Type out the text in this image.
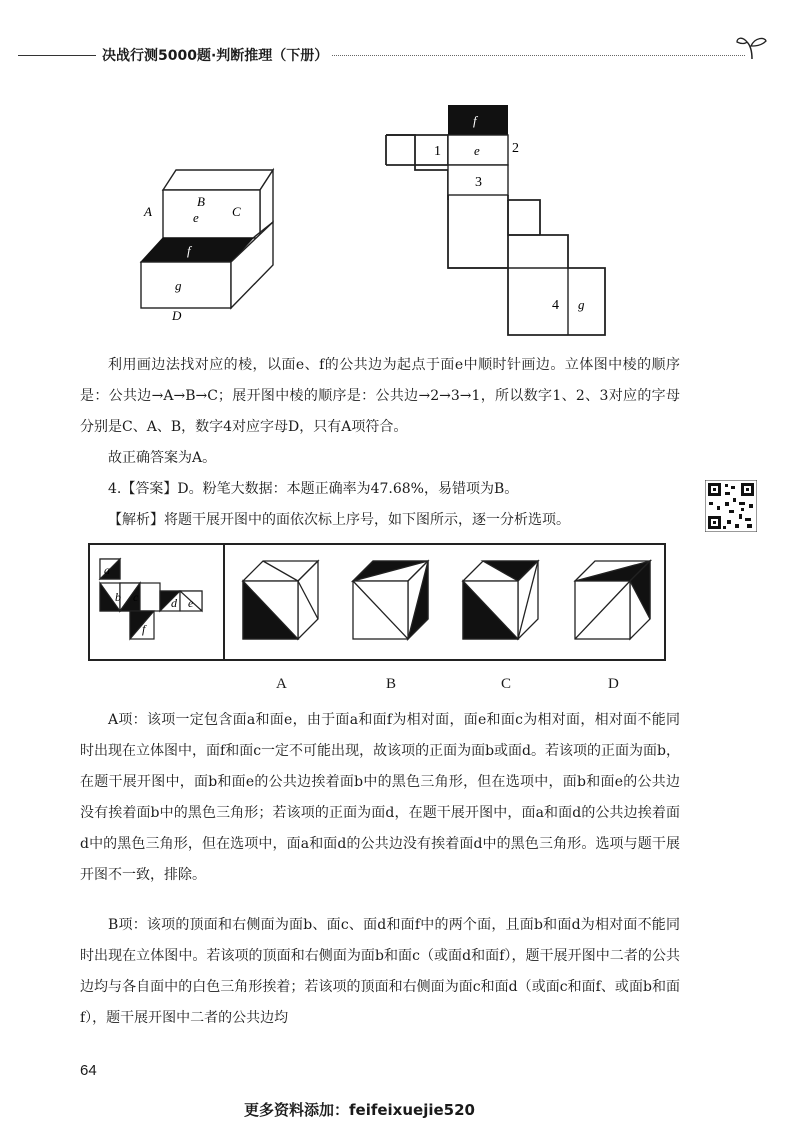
决战行测5000题·判断推理（下册）
B
e
A	C
f
g
D
f
e
1	2
3
4 g
利用画边法找对应的棱，以面e、f的公共边为起点于面e中顺时针画边。立体图中棱的顺序是：公共边→A→B→C；展开图中棱的顺序是：公共边→2→3→1，所以数字1、2、3对应的字母分别是C、A、B，数字4对应字母D，只有A项符合。
故正确答案为A。
4.【答案】D。粉笔大数据：本题正确率为47.68%，易错项为B。
【解析】将题干展开图中的面依次标上序号，如下图所示，逐一分析选项。
a
b c	d e
f
A	B	C	D
A项：该项一定包含面a和面e，由于面a和面f为相对面，面e和面c为相对面，相对面不能同时出现在立体图中，面f和面c一定不可能出现，故该项的正面为面b或面d。若该项的正面为面b，在题干展开图中，面b和面e的公共边挨着面b中的黑色三角形，但在选项中，面b和面e的公共边没有挨着面b中的黑色三角形；若该项的正面为面d，在题干展开图中，面a和面d的公共边挨着面d中的黑色三角形，但在选项中，面a和面d的公共边没有挨着面d中的黑色三角形。选项与题干展开图不一致，排除。
B项：该项的顶面和右侧面为面b、面c、面d和面f中的两个面，且面b和面d为相对面不能同时出现在立体图中。若该项的顶面和右侧面为面b和面c（或面d和面f），题干展开图中二者的公共边均与各自面中的白色三角形挨着；若该项的顶面和右侧面为面c和面d（或面c和面f、或面b和面f），题干展开图中二者的公共边均
64
更多资料添加：feifeixuejie520
